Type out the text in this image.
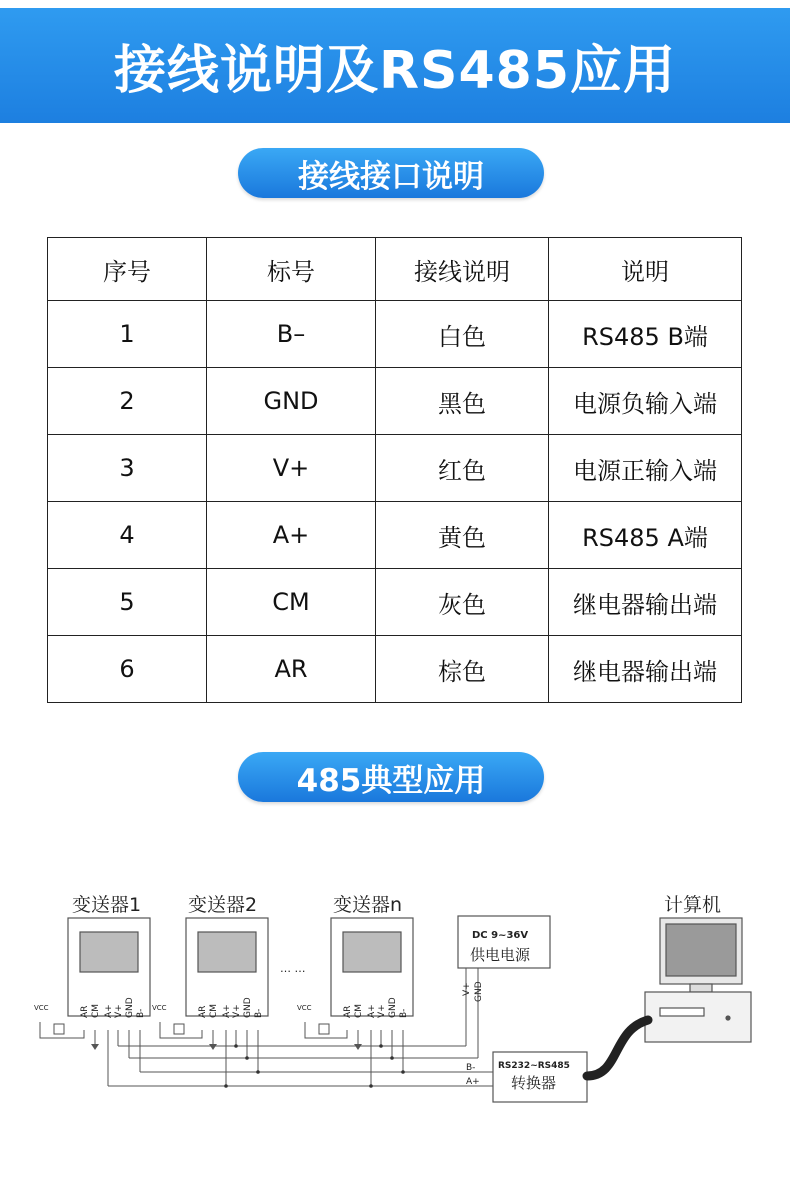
接线说明及RS485应用
接线接口说明
序号	标号	接线说明	说明
1	B–	白色	RS485 B端
2	GND	黑色	电源负输入端
3	V+	红色	电源正输入端
4	A+	黄色	RS485 A端
5	CM	灰色	继电器输出端
6	AR	棕色	继电器输出端
485典型应用
变送器1 变送器2	变送器n
… …
VCC	VCC	VCC
AR CM A+ V+ GND B-	AR CM A+ V+ GND B-	AR CM A+ V+ GND B-
DC 9~36V
供电电源
V+ GND
计算机
RS232~RS485
转换器
B-
A+
